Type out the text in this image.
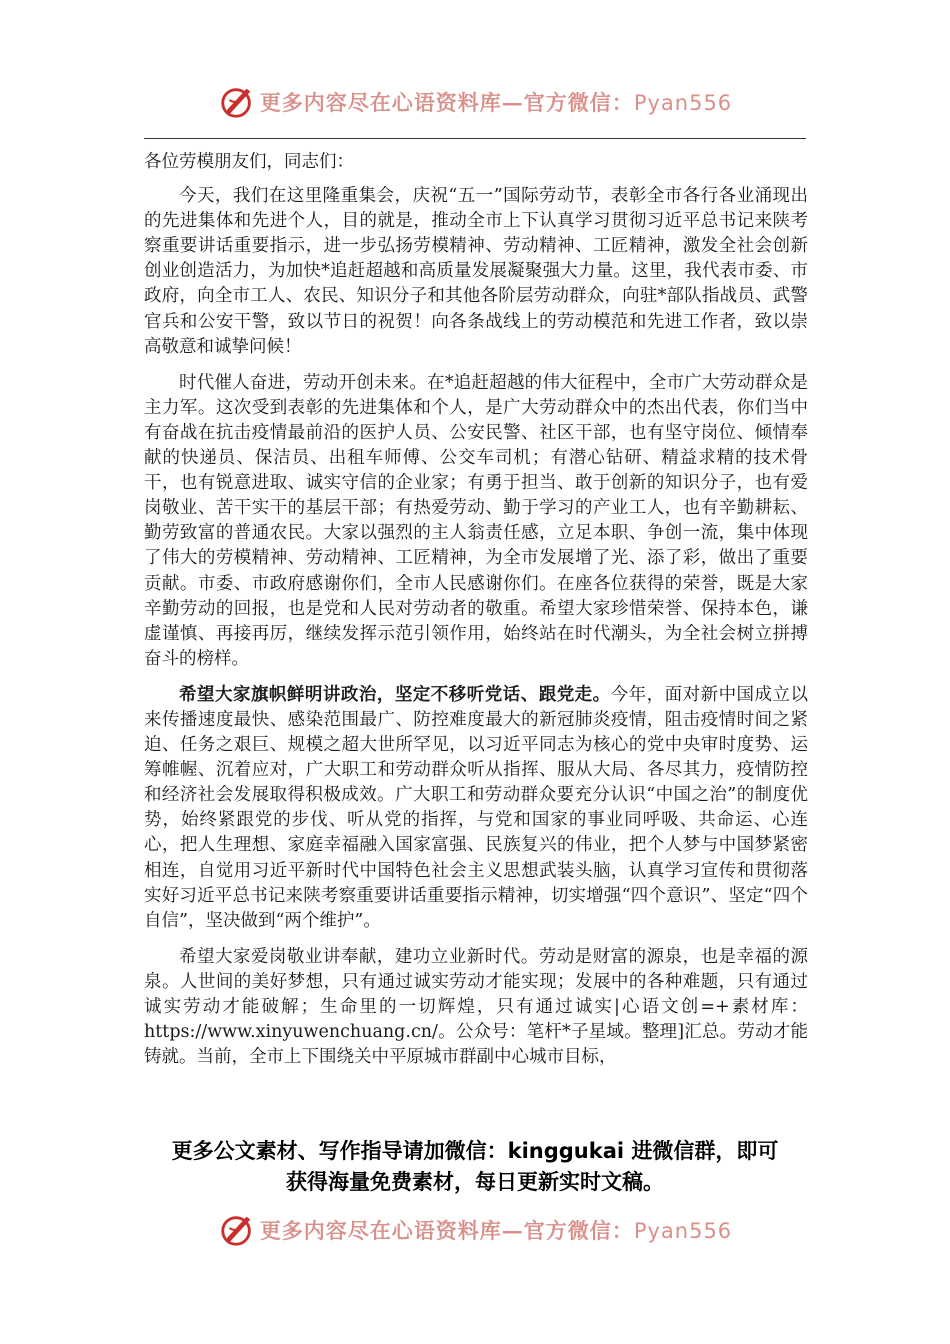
更多内容尽在心语资料库—官方微信：Pyan556

各位劳模朋友们，同志们：

今天，我们在这里隆重集会，庆祝“五一”国际劳动节，表彰全市各行各业涌现出的先进集体和先进个人，目的就是，推动全市上下认真学习贯彻习近平总书记来陕考察重要讲话重要指示，进一步弘扬劳模精神、劳动精神、工匠精神，激发全社会创新创业创造活力，为加快*追赶超越和高质量发展凝聚强大力量。这里，我代表市委、市政府，向全市工人、农民、知识分子和其他各阶层劳动群众，向驻*部队指战员、武警官兵和公安干警，致以节日的祝贺！向各条战线上的劳动模范和先进工作者，致以崇高敬意和诚挚问候！

时代催人奋进，劳动开创未来。在*追赶超越的伟大征程中，全市广大劳动群众是主力军。这次受到表彰的先进集体和个人，是广大劳动群众中的杰出代表，你们当中有奋战在抗击疫情最前沿的医护人员、公安民警、社区干部，也有坚守岗位、倾情奉献的快递员、保洁员、出租车师傅、公交车司机；有潜心钻研、精益求精的技术骨干，也有锐意进取、诚实守信的企业家；有勇于担当、敢于创新的知识分子，也有爱岗敬业、苦干实干的基层干部；有热爱劳动、勤于学习的产业工人，也有辛勤耕耘、勤劳致富的普通农民。大家以强烈的主人翁责任感，立足本职、争创一流，集中体现了伟大的劳模精神、劳动精神、工匠精神，为全市发展增了光、添了彩，做出了重要贡献。市委、市政府感谢你们，全市人民感谢你们。在座各位获得的荣誉，既是大家辛勤劳动的回报，也是党和人民对劳动者的敬重。希望大家珍惜荣誉、保持本色，谦虚谨慎、再接再厉，继续发挥示范引领作用，始终站在时代潮头，为全社会树立拼搏奋斗的榜样。

希望大家旗帜鲜明讲政治，坚定不移听党话、跟党走。今年，面对新中国成立以来传播速度最快、感染范围最广、防控难度最大的新冠肺炎疫情，阻击疫情时间之紧迫、任务之艰巨、规模之超大世所罕见，以习近平同志为核心的党中央审时度势、运筹帷幄、沉着应对，广大职工和劳动群众听从指挥、服从大局、各尽其力，疫情防控和经济社会发展取得积极成效。广大职工和劳动群众要充分认识“中国之治”的制度优势，始终紧跟党的步伐、听从党的指挥，与党和国家的事业同呼吸、共命运、心连心，把人生理想、家庭幸福融入国家富强、民族复兴的伟业，把个人梦与中国梦紧密相连，自觉用习近平新时代中国特色社会主义思想武装头脑，认真学习宣传和贯彻落实好习近平总书记来陕考察重要讲话重要指示精神，切实增强“四个意识”、坚定“四个自信”，坚决做到“两个维护”。

希望大家爱岗敬业讲奉献，建功立业新时代。劳动是财富的源泉，也是幸福的源泉。人世间的美好梦想，只有通过诚实劳动才能实现；发展中的各种难题，只有通过诚实劳动才能破解；生命里的一切辉煌，只有通过诚实|心语文创=+素材库：https://www.xinyuwenchuang.cn/。公众号：笔杆*子星域。整理]汇总。劳动才能铸就。当前，全市上下围绕关中平原城市群副中心城市目标，

更多公文素材、写作指导请加微信：kinggukai 进微信群，即可
获得海量免费素材，每日更新实时文稿。
更多内容尽在心语资料库—官方微信：Pyan556
